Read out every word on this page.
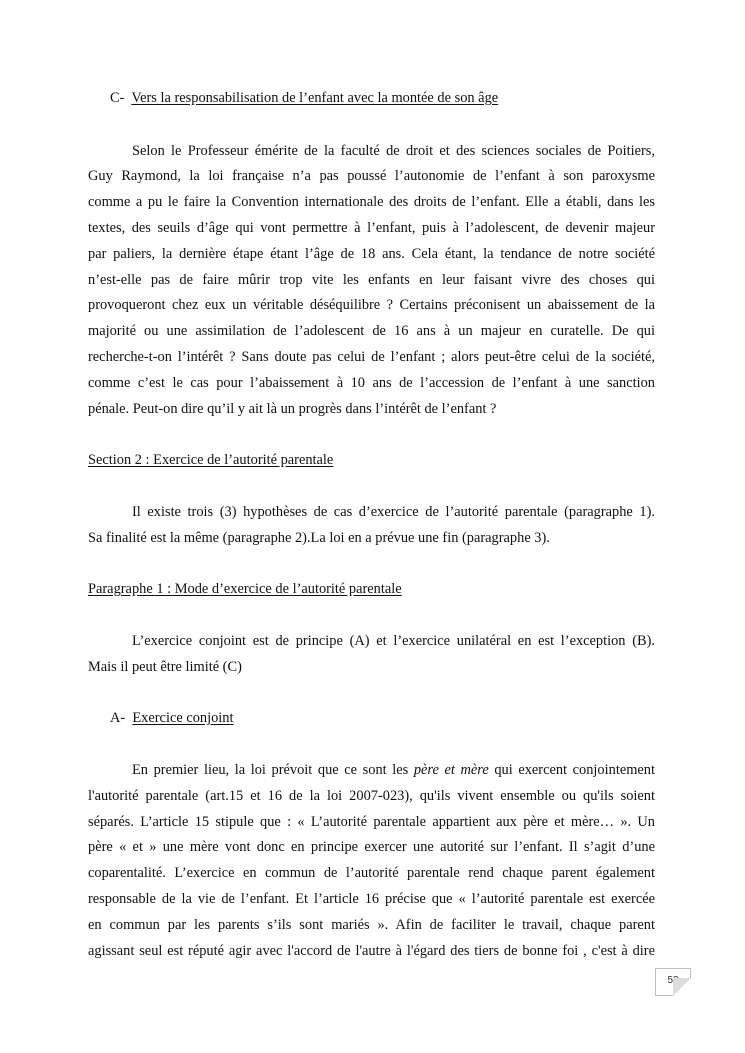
C- Vers la responsabilisation de l’enfant avec la montée de son âge
Selon le Professeur émérite de la faculté de droit et des sciences sociales de Poitiers,
Guy Raymond, la loi française n’a pas poussé l’autonomie de l’enfant à son paroxysme
comme a pu le faire la Convention internationale des droits de l’enfant. Elle a établi, dans les
textes, des seuils d’âge qui vont permettre à l’enfant, puis à l’adolescent, de devenir majeur
par paliers, la dernière étape étant l’âge de 18 ans. Cela étant, la tendance de notre société
n’est-elle pas de faire mûrir trop vite les enfants en leur faisant vivre des choses qui
provoqueront chez eux un véritable déséquilibre ? Certains préconisent un abaissement de la
majorité ou une assimilation de l’adolescent de 16 ans à un majeur en curatelle. De qui
recherche-t-on l’intérêt ? Sans doute pas celui de l’enfant ; alors peut-être celui de la société,
comme c’est le cas pour l’abaissement à 10 ans de l’accession de l’enfant à une sanction
pénale. Peut-on dire qu’il y ait là un progrès dans l’intérêt de l’enfant ?
Section 2 : Exercice de l’autorité parentale
Il existe trois (3) hypothèses de cas d’exercice de l’autorité parentale (paragraphe 1).
Sa finalité est la même (paragraphe 2).La loi en a prévue une fin (paragraphe 3).
Paragraphe 1 : Mode d’exercice de l’autorité parentale
L’exercice conjoint est de principe (A) et l’exercice unilatéral en est l’exception (B).
Mais il peut être limité (C)
A- Exercice conjoint
En premier lieu, la loi prévoit que ce sont les père et mère qui exercent conjointement
l'autorité parentale (art.15 et 16 de la loi 2007-023), qu'ils vivent ensemble ou qu'ils soient
séparés. L’article 15 stipule que : « L’autorité parentale appartient aux père et mère… ». Un
père « et » une mère vont donc en principe exercer une autorité sur l’enfant. Il s’agit d’une
coparentalité. L’exercice en commun de l’autorité parentale rend chaque parent également
responsable de la vie de l’enfant. Et l’article 16 précise que « l’autorité parentale est exercée
en commun par les parents s’ils sont mariés ». Afin de faciliter le travail, chaque parent
agissant seul est réputé agir avec l'accord de l'autre à l'égard des tiers de bonne foi , c'est à dire
53
